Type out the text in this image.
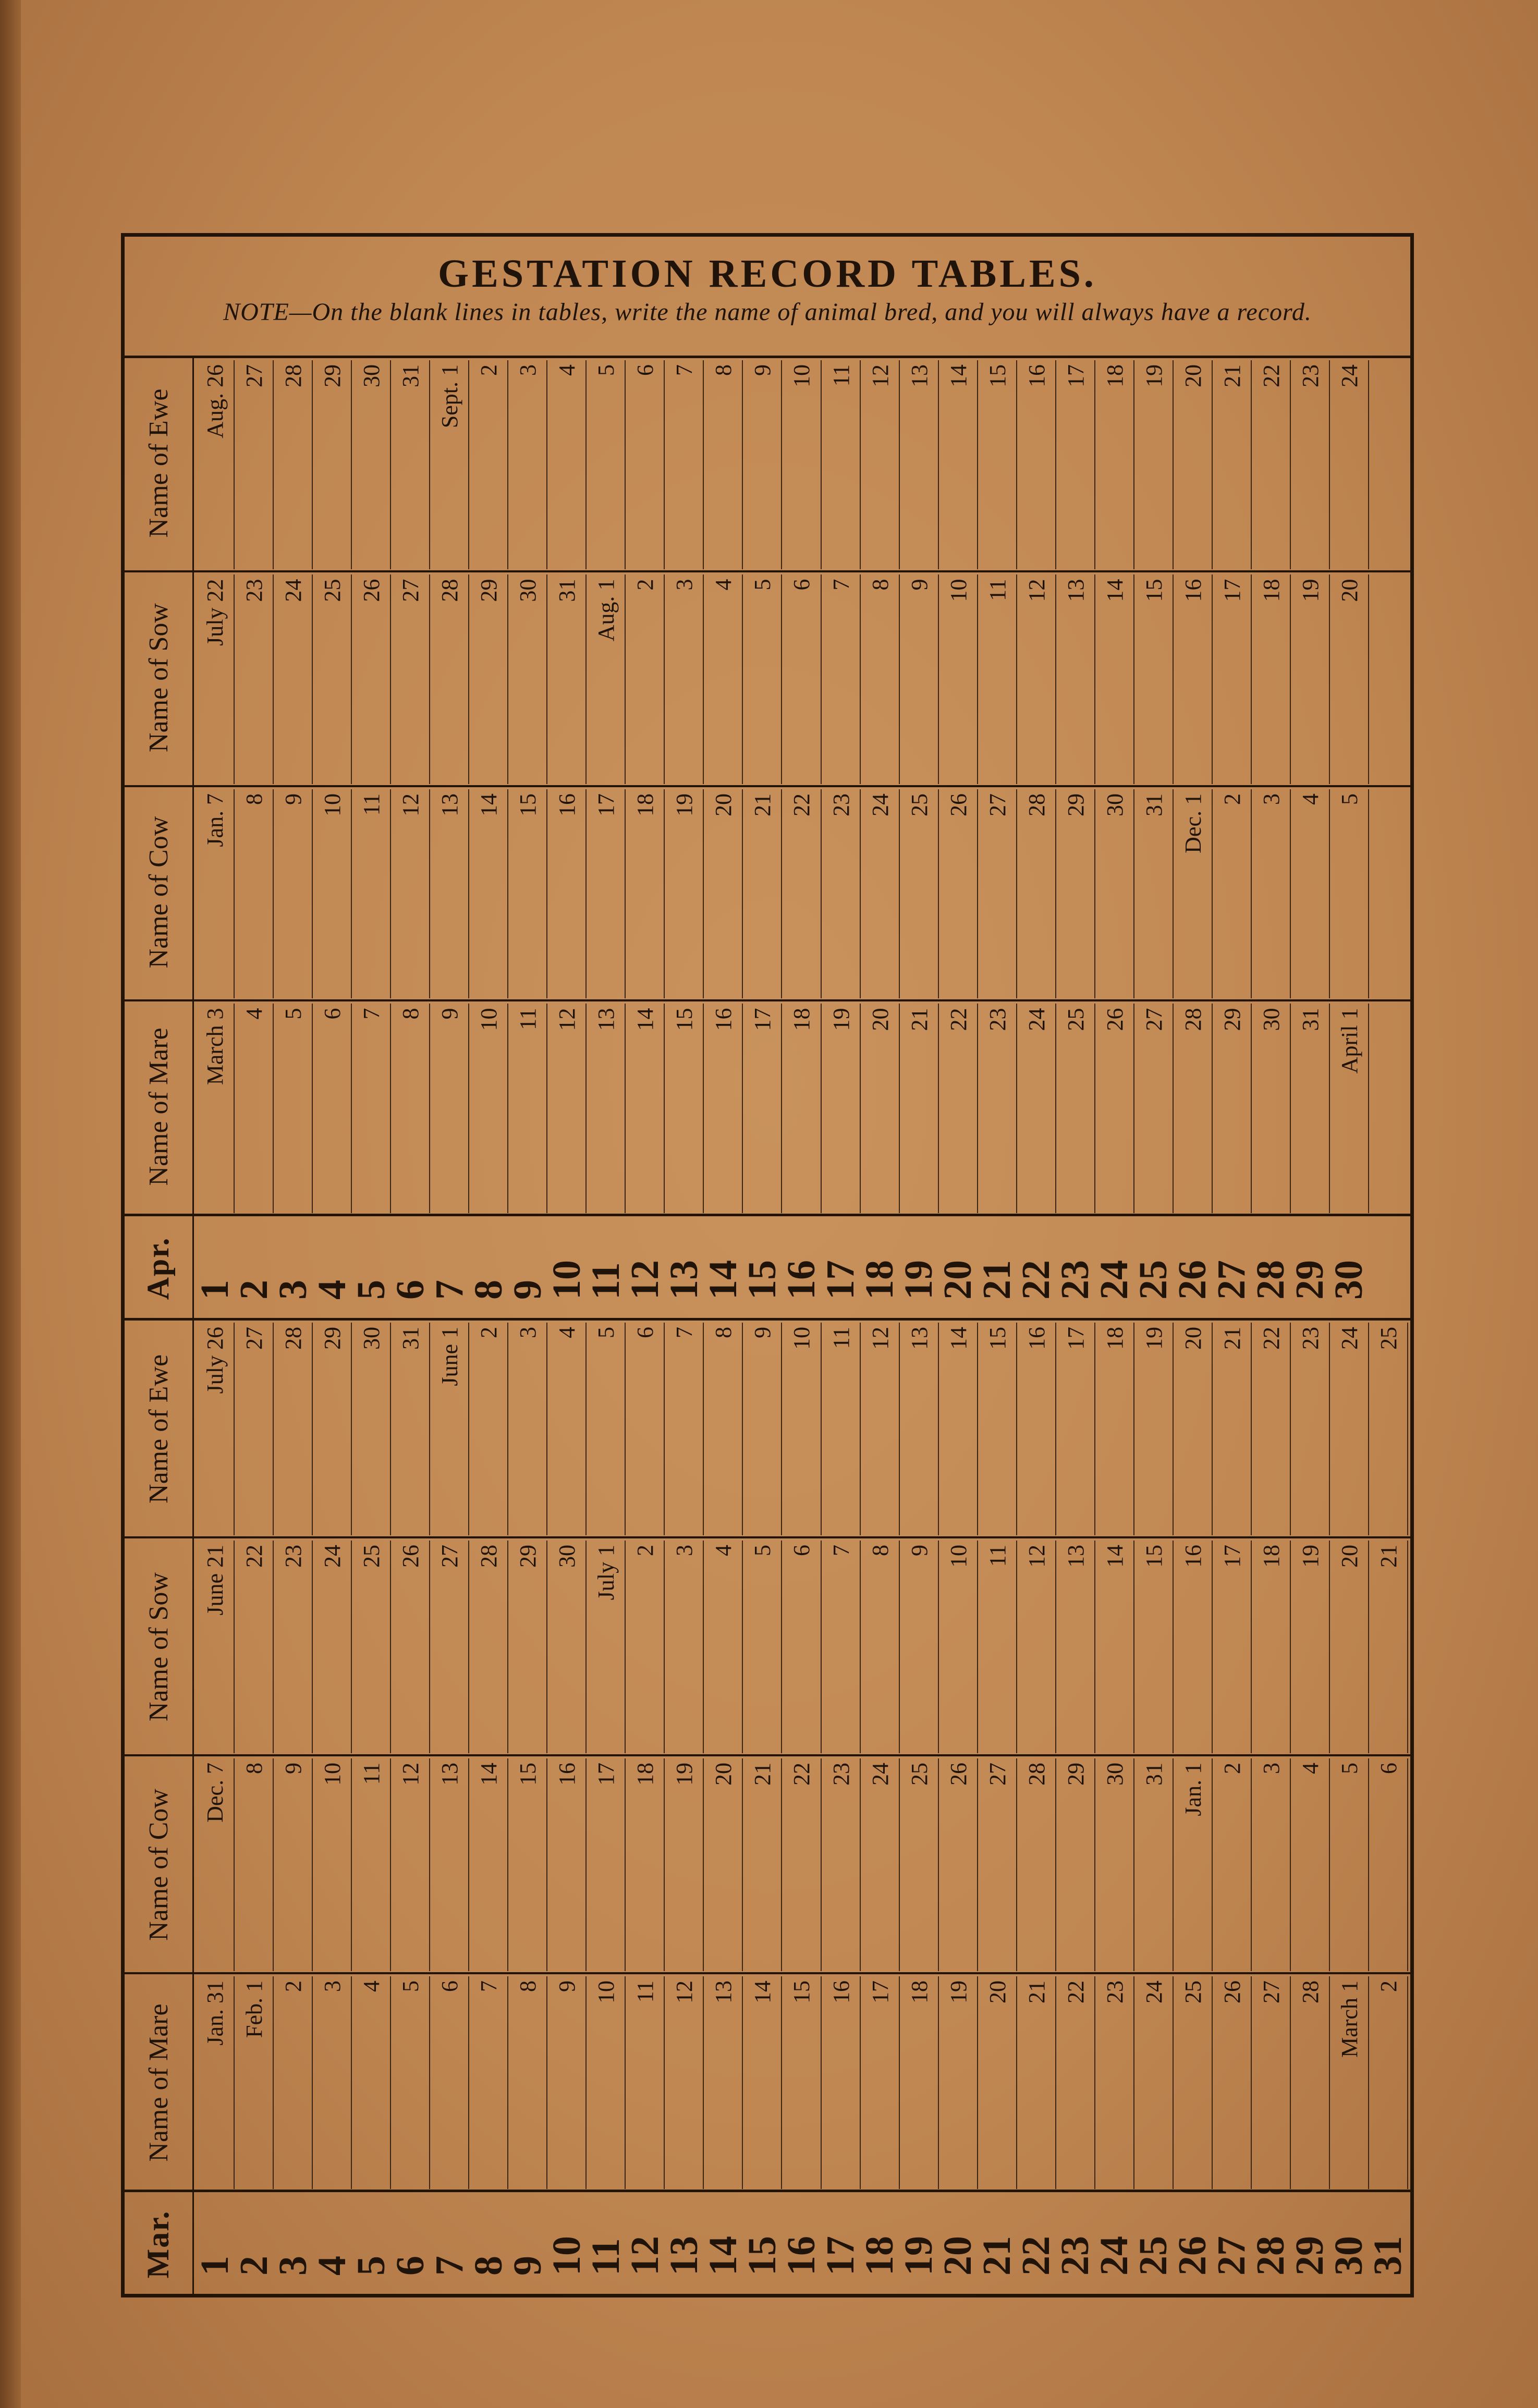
GESTATION RECORD TABLES.
NOTE—On the blank lines in tables, write the name of animal bred, and you will always have a record.
Apr. 1
2
3
4
5
6
7
8
9
10
11
12
13
14
15
16
17
18
19
20
21
22
23
24
25
26
27
28
29
30
Name of Mare March 3 4 5 6 7 8 9 10 11 12 13 14 15 16 17 18 19 20 21 22 23 24 25 26 27 28 29 30 31 April 1
Name of Cow Jan. 7 8 9 10 11 12 13 14 15 16 17 18 19 20 21 22 23 24 25 26 27 28 29 30 31 Dec. 1 2 3 4 5
Name of Sow July 22 23 24 25 26 27 28 29 30 31 Aug. 1 2 3 4 5 6 7 8 9 10 11 12 13 14 15 16 17 18 19 20
Name of Ewe Aug. 26 27 28 29 30 31 Sept. 1 2 3 4 5 6 7 8 9 10 11 12 13 14 15 16 17 18 19 20 21 22 23 24
Mar. 1
2
3
4
5
6
7
8
9
10
11
12
13
14
15
16
17
18
19
20
21
22
23
24
25
26
27
28
29
30
31
Name of Mare Jan. 31 Feb. 1 2 3 4 5 6 7 8 9 10 11 12 13 14 15 16 17 18 19 20 21 22 23 24 25 26 27 28 March 1 2
Name of Cow Dec. 7 8 9 10 11 12 13 14 15 16 17 18 19 20 21 22 23 24 25 26 27 28 29 30 31 Jan. 1 2 3 4 5 6
Name of Sow June 21 22 23 24 25 26 27 28 29 30 July 1 2 3 4 5 6 7 8 9 10 11 12 13 14 15 16 17 18 19 20 21
Name of Ewe July 26 27 28 29 30 31 June 1 2 3 4 5 6 7 8 9 10 11 12 13 14 15 16 17 18 19 20 21 22 23 24 25
